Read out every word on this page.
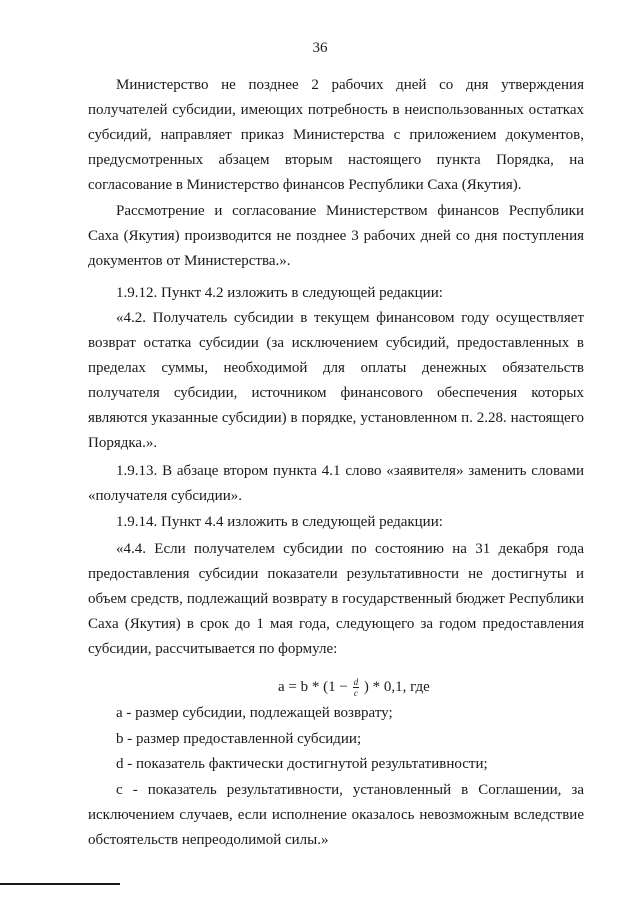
36

Министерство не позднее 2 рабочих дней со дня утверждения получателей субсидии, имеющих потребность в неиспользованных остатках субсидий, направляет приказ Министерства с приложением документов, предусмотренных абзацем вторым настоящего пункта Порядка, на согласование в Министерство финансов Республики Саха (Якутия).

Рассмотрение и согласование Министерством финансов Республики Саха (Якутия) производится не позднее 3 рабочих дней со дня поступления документов от Министерства.».

1.9.12. Пункт 4.2 изложить в следующей редакции:

«4.2. Получатель субсидии в текущем финансовом году осуществляет возврат остатка субсидии (за исключением субсидий, предоставленных в пределах суммы, необходимой для оплаты денежных обязательств получателя субсидии, источником финансового обеспечения которых являются указанные субсидии) в порядке, установленном п. 2.28. настоящего Порядка.».

1.9.13. В абзаце втором пункта 4.1 слово «заявителя» заменить словами «получателя субсидии».

1.9.14. Пункт 4.4 изложить в следующей редакции:

«4.4. Если получателем субсидии по состоянию на 31 декабря года предоставления субсидии показатели результативности не достигнуты и объем средств, подлежащий возврату в государственный бюджет Республики Саха (Якутия) в срок до 1 мая года, следующего за годом предоставления субсидии, рассчитывается по формуле:

$a = b * (1 - \frac{d}{c}$ ) * 0,1, где

a - размер субсидии, подлежащей возврату;

b - размер предоставленной субсидии;

d - показатель фактически достигнутой результативности;

c - показатель результативности, установленный в Соглашении, за исключением случаев, если исполнение оказалось невозможным вследствие обстоятельств непреодолимой силы.»
